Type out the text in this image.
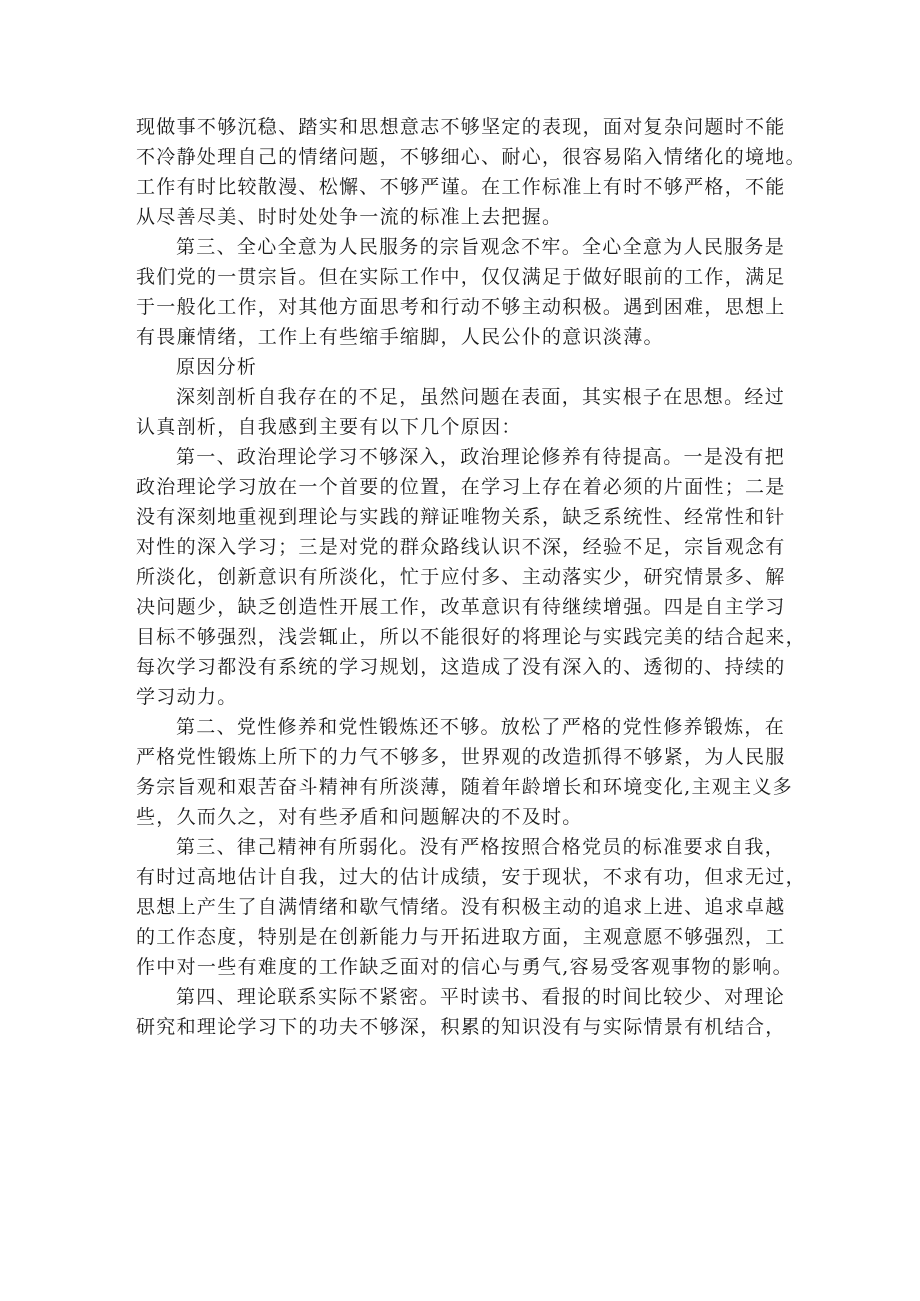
现做事不够沉稳、踏实和思想意志不够坚定的表现，面对复杂问题时不能
不冷静处理自己的情绪问题，不够细心、耐心，很容易陷入情绪化的境地。
工作有时比较散漫、松懈、不够严谨。在工作标准上有时不够严格，不能
从尽善尽美、时时处处争一流的标准上去把握。
第三、全心全意为人民服务的宗旨观念不牢。全心全意为人民服务是
我们党的一贯宗旨。但在实际工作中，仅仅满足于做好眼前的工作，满足
于一般化工作，对其他方面思考和行动不够主动积极。遇到困难，思想上
有畏廉情绪，工作上有些缩手缩脚，人民公仆的意识淡薄。
原因分析
深刻剖析自我存在的不足，虽然问题在表面，其实根子在思想。经过
认真剖析，自我感到主要有以下几个原因：
第一、政治理论学习不够深入，政治理论修养有待提高。一是没有把
政治理论学习放在一个首要的位置，在学习上存在着必须的片面性；二是
没有深刻地重视到理论与实践的辩证唯物关系，缺乏系统性、经常性和针
对性的深入学习；三是对党的群众路线认识不深，经验不足，宗旨观念有
所淡化，创新意识有所淡化，忙于应付多、主动落实少，研究情景多、解
决问题少，缺乏创造性开展工作，改革意识有待继续增强。四是自主学习
目标不够强烈，浅尝辄止，所以不能很好的将理论与实践完美的结合起来，
每次学习都没有系统的学习规划，这造成了没有深入的、透彻的、持续的
学习动力。
第二、党性修养和党性锻炼还不够。放松了严格的党性修养锻炼，在
严格党性锻炼上所下的力气不够多，世界观的改造抓得不够紧，为人民服
务宗旨观和艰苦奋斗精神有所淡薄，随着年龄增长和环境变化,主观主义多
些，久而久之，对有些矛盾和问题解决的不及时。
第三、律己精神有所弱化。没有严格按照合格党员的标准要求自我，
有时过高地估计自我，过大的估计成绩，安于现状，不求有功，但求无过，
思想上产生了自满情绪和歇气情绪。没有积极主动的追求上进、追求卓越
的工作态度，特别是在创新能力与开拓进取方面，主观意愿不够强烈，工
作中对一些有难度的工作缺乏面对的信心与勇气,容易受客观事物的影响。
第四、理论联系实际不紧密。平时读书、看报的时间比较少、对理论
研究和理论学习下的功夫不够深，积累的知识没有与实际情景有机结合，
